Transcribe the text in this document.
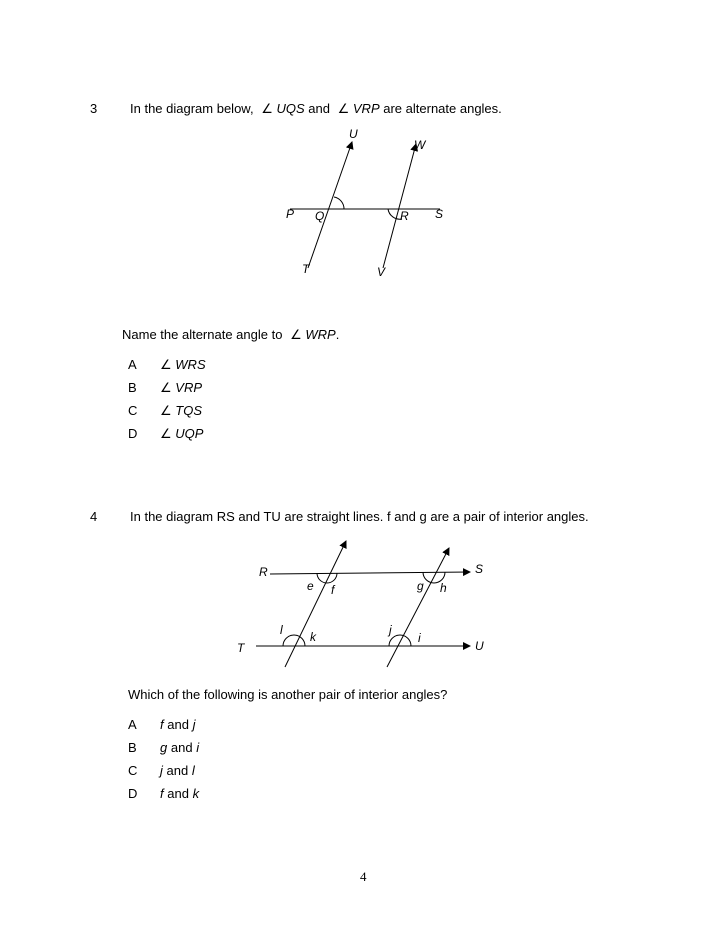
3	In the diagram below, ∠ UQS and ∠ VRP are alternate angles.
U
W
P Q	R S
T	V
Name the alternate angle to ∠ WRP.
A ∠ WRS
B ∠ VRP
C ∠ TQS
D ∠ UQP
4	In the diagram RS and TU are straight lines. f and g are a pair of interior angles.
R	S
T	U
e f	g h
l k	j
i
Which of the following is another pair of interior angles?
A f and j
B g and i
C j and l
D f and k
4
